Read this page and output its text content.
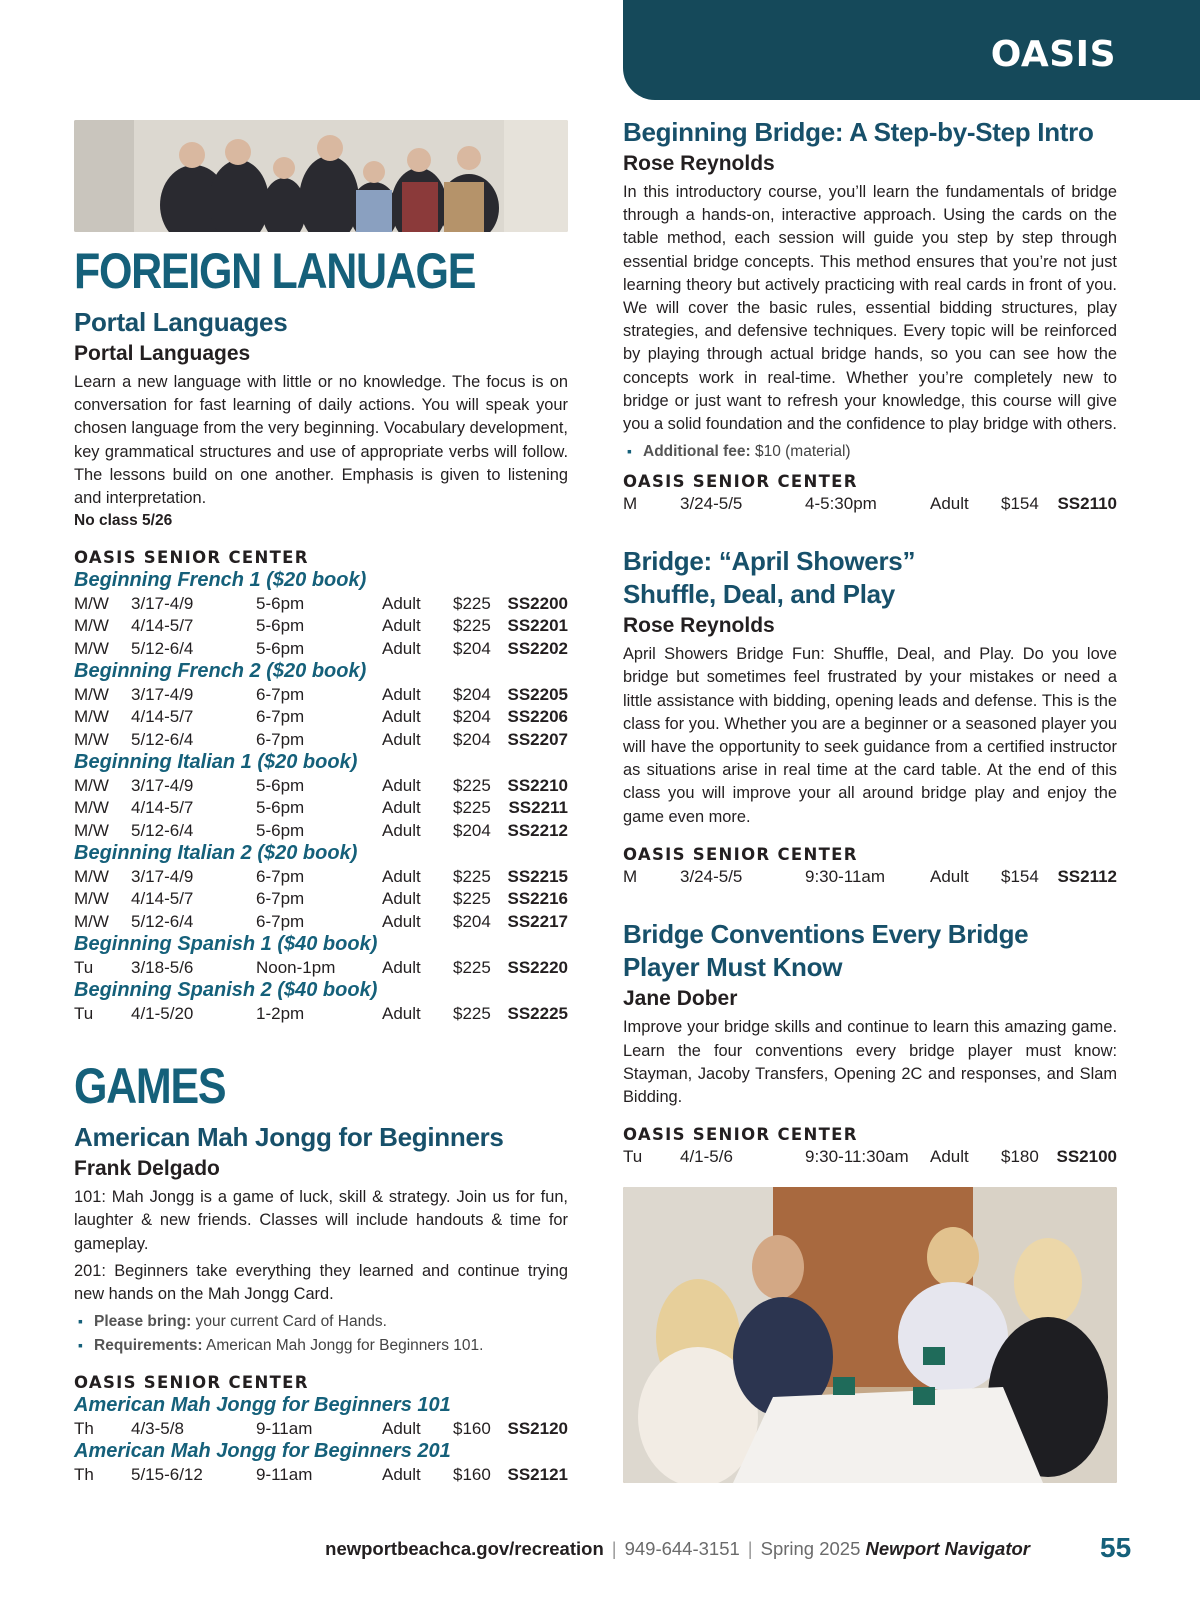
OASIS
FOREIGN LANUAGE
Portal Languages
Portal Languages

Learn a new language with little or no knowledge. The focus is on conversation for fast learning of daily actions. You will speak your chosen language from the very beginning. Vocabulary development, key grammatical structures and use of appropriate verbs will follow. The lessons build on one another. Emphasis is given to listening and interpretation.

No class 5/26

OASIS SENIOR CENTER
Beginning French 1 ($20 book)
M/W	3/17-4/9	5-6pm	Adult	$225	SS2200
M/W	4/14-5/7	5-6pm	Adult	$225	SS2201
M/W	5/12-6/4	5-6pm	Adult	$204	SS2202
Beginning French 2 ($20 book)
M/W	3/17-4/9	6-7pm	Adult	$204	SS2205
M/W	4/14-5/7	6-7pm	Adult	$204	SS2206
M/W	5/12-6/4	6-7pm	Adult	$204	SS2207
Beginning Italian 1 ($20 book)
M/W	3/17-4/9	5-6pm	Adult	$225	SS2210
M/W	4/14-5/7	5-6pm	Adult	$225	SS2211
M/W	5/12-6/4	5-6pm	Adult	$204	SS2212
Beginning Italian 2 ($20 book)
M/W	3/17-4/9	6-7pm	Adult	$225	SS2215
M/W	4/14-5/7	6-7pm	Adult	$225	SS2216
M/W	5/12-6/4	6-7pm	Adult	$204	SS2217
Beginning Spanish 1 ($40 book)
Tu	3/18-5/6	Noon-1pm	Adult	$225	SS2220
Beginning Spanish 2 ($40 book)
Tu	4/1-5/20	1-2pm	Adult	$225	SS2225
GAMES
American Mah Jongg for Beginners
Frank Delgado

101: Mah Jongg is a game of luck, skill & strategy. Join us for fun, laughter & new friends. Classes will include handouts & time for gameplay.

201: Beginners take everything they learned and continue trying new hands on the Mah Jongg Card.

▪ Please bring: your current Card of Hands.
▪ Requirements: American Mah Jongg for Beginners 101.
OASIS SENIOR CENTER
American Mah Jongg for Beginners 101
Th	4/3-5/8	9-11am	Adult	$160	SS2120
American Mah Jongg for Beginners 201
Th	5/15-6/12	9-11am	Adult	$160	SS2121
Beginning Bridge: A Step-by-Step Intro
Rose Reynolds

In this introductory course, you’ll learn the fundamentals of bridge through a hands-on, interactive approach. Using the cards on the table method, each session will guide you step by step through essential bridge concepts. This method ensures that you’re not just learning theory but actively practicing with real cards in front of you. We will cover the basic rules, essential bidding structures, play strategies, and defensive techniques. Every topic will be reinforced by playing through actual bridge hands, so you can see how the concepts work in real-time. Whether you’re completely new to bridge or just want to refresh your knowledge, this course will give you a solid foundation and the confidence to play bridge with others.

▪ Additional fee: $10 (material)
OASIS SENIOR CENTER
M	3/24-5/5	4-5:30pm	Adult	$154	SS2110
Bridge: “April Showers”
Shuffle, Deal, and Play
Rose Reynolds

April Showers Bridge Fun: Shuffle, Deal, and Play. Do you love bridge but sometimes feel frustrated by your mistakes or need a little assistance with bidding, opening leads and defense. This is the class for you. Whether you are a beginner or a seasoned player you will have the opportunity to seek guidance from a certified instructor as situations arise in real time at the card table. At the end of this class you will improve your all around bridge play and enjoy the game even more.

OASIS SENIOR CENTER
M	3/24-5/5	9:30-11am	Adult	$154	SS2112
Bridge Conventions Every Bridge
Player Must Know
Jane Dober

Improve your bridge skills and continue to learn this amazing game. Learn the four conventions every bridge player must know: Stayman, Jacoby Transfers, Opening 2C and responses, and Slam Bidding.

OASIS SENIOR CENTER
Tu	4/1-5/6	9:30-11:30am	Adult	$180	SS2100
newportbeachca.gov/recreation | 949-644-3151 | Spring 2025 Newport Navigator	55
